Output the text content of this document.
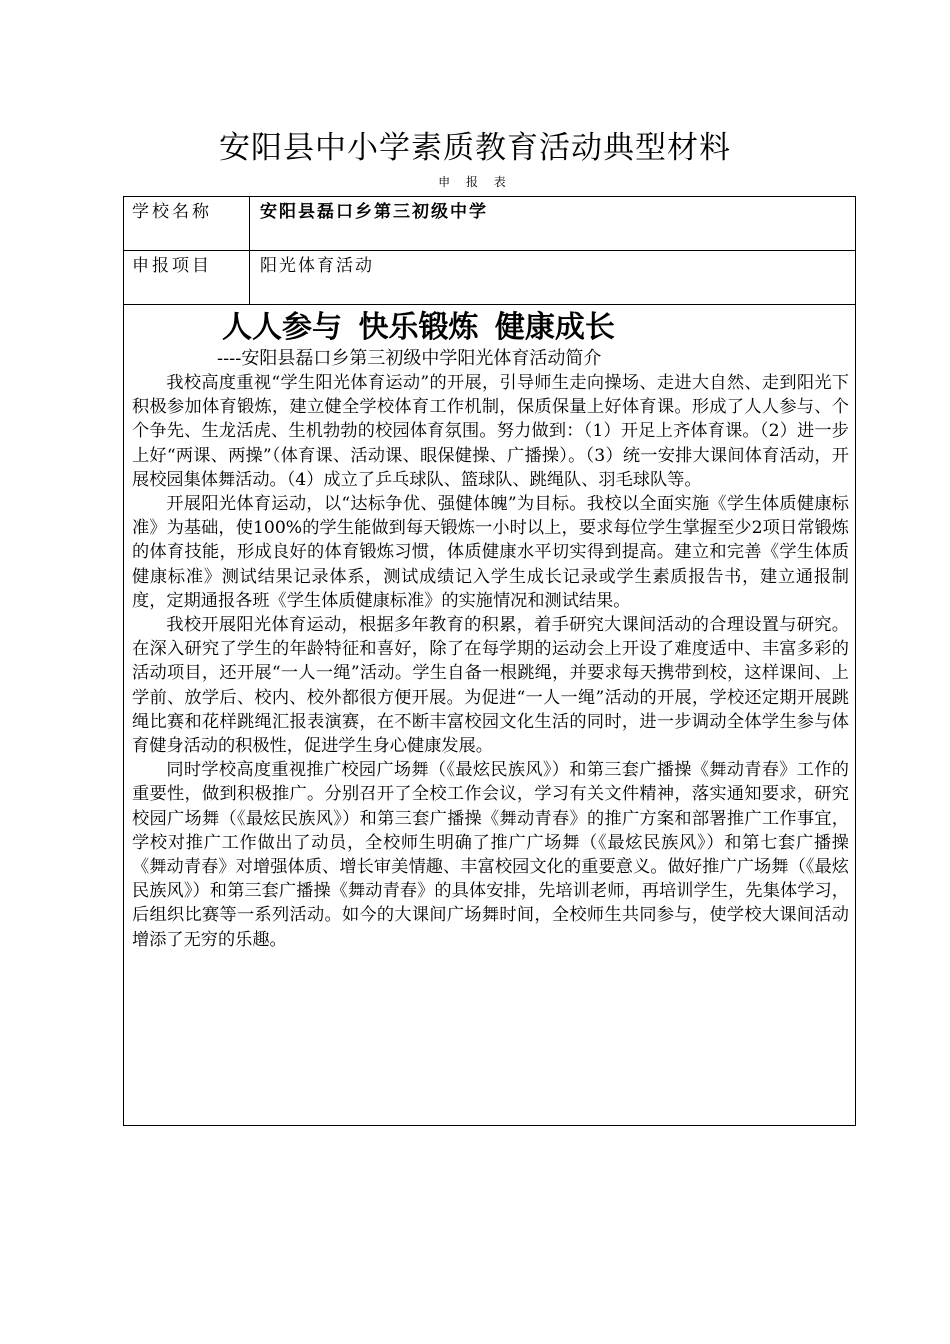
安阳县中小学素质教育活动典型材料
申 报 表
学校名称	安阳县磊口乡第三初级中学
申报项目	阳光体育活动
人人参与 快乐锻炼 健康成长
----安阳县磊口乡第三初级中学阳光体育活动简介

我校高度重视“学生阳光体育运动”的开展，引导师生走向操场、走进大自然、走到阳光下积极参加体育锻炼，建立健全学校体育工作机制，保质保量上好体育课。形成了人人参与、个个争先、生龙活虎、生机勃勃的校园体育氛围。努力做到：（1）开足上齐体育课。（2）进一步上好“两课、两操”（体育课、活动课、眼保健操、广播操）。（3）统一安排大课间体育活动，开展校园集体舞活动。（4）成立了乒乓球队、篮球队、跳绳队、羽毛球队等。

开展阳光体育运动，以“达标争优、强健体魄”为目标。我校以全面实施《学生体质健康标准》为基础，使100%的学生能做到每天锻炼一小时以上，要求每位学生掌握至少2项日常锻炼的体育技能，形成良好的体育锻炼习惯，体质健康水平切实得到提高。建立和完善《学生体质健康标准》测试结果记录体系，测试成绩记入学生成长记录或学生素质报告书，建立通报制度，定期通报各班《学生体质健康标准》的实施情况和测试结果。

我校开展阳光体育运动，根据多年教育的积累，着手研究大课间活动的合理设置与研究。在深入研究了学生的年龄特征和喜好，除了在每学期的运动会上开设了难度适中、丰富多彩的活动项目，还开展“一人一绳”活动。学生自备一根跳绳，并要求每天携带到校，这样课间、上学前、放学后、校内、校外都很方便开展。为促进“一人一绳”活动的开展，学校还定期开展跳绳比赛和花样跳绳汇报表演赛，在不断丰富校园文化生活的同时，进一步调动全体学生参与体育健身活动的积极性，促进学生身心健康发展。

同时学校高度重视推广校园广场舞（《最炫民族风》）和第三套广播操《舞动青春》工作的重要性，做到积极推广。分别召开了全校工作会议，学习有关文件精神，落实通知要求，研究校园广场舞（《最炫民族风》）和第三套广播操《舞动青春》的推广方案和部署推广工作事宜，学校对推广工作做出了动员，全校师生明确了推广广场舞（《最炫民族风》）和第七套广播操《舞动青春》对增强体质、增长审美情趣、丰富校园文化的重要意义。做好推广广场舞（《最炫民族风》）和第三套广播操《舞动青春》的具体安排，先培训老师，再培训学生，先集体学习，后组织比赛等一系列活动。如今的大课间广场舞时间，全校师生共同参与，使学校大课间活动增添了无穷的乐趣。
